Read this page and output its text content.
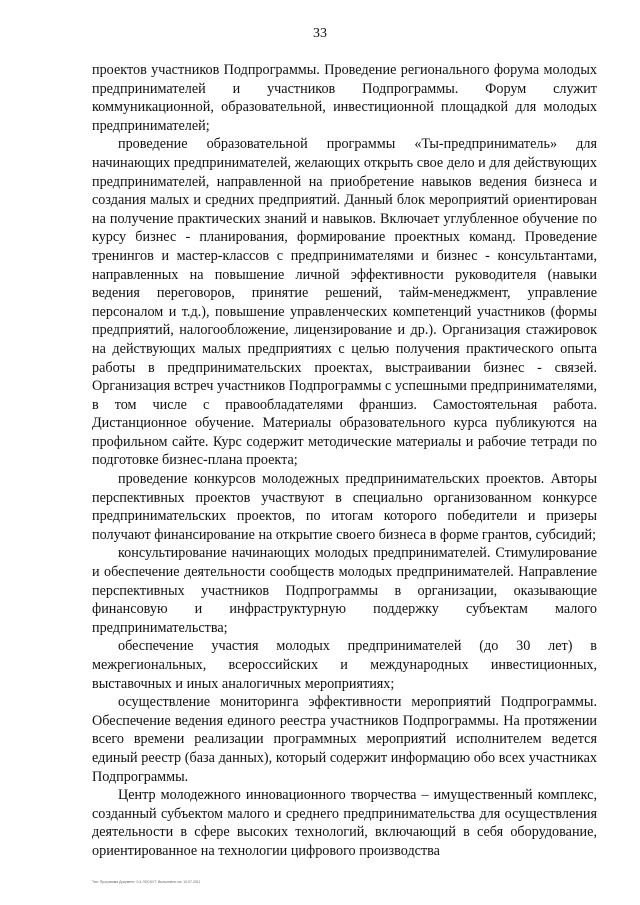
33

проектов участников Подпрограммы. Проведение регионального форума молодых предпринимателей и участников Подпрограммы. Форум служит коммуникационной, образовательной, инвестиционной площадкой для молодых предпринимателей;

проведение образовательной программы «Ты-предприниматель» для начинающих предпринимателей, желающих открыть свое дело и для действующих предпринимателей, направленной на приобретение навыков ведения бизнеса и создания малых и средних предприятий. Данный блок мероприятий ориентирован на получение практических знаний и навыков. Включает углубленное обучение по курсу бизнес - планирования, формирование проектных команд. Проведение тренингов и мастер-классов с предпринимателями и бизнес - консультантами, направленных на повышение личной эффективности руководителя (навыки ведения переговоров, принятие решений, тайм-менеджмент, управление персоналом и т.д.), повышение управленческих компетенций участников (формы предприятий, налогообложение, лицензирование и др.). Организация стажировок на действующих малых предприятиях с целью получения практического опыта работы в предпринимательских проектах, выстраивании бизнес - связей. Организация встреч участников Подпрограммы с успешными предпринимателями, в том числе с правообладателями франшиз. Самостоятельная работа. Дистанционное обучение. Материалы образовательного курса публикуются на профильном сайте. Курс содержит методические материалы и рабочие тетради по подготовке бизнес-плана проекта;

проведение конкурсов молодежных предпринимательских проектов. Авторы перспективных проектов участвуют в специально организованном конкурсе предпринимательских проектов, по итогам которого победители и призеры получают финансирование на открытие своего бизнеса в форме грантов, субсидий;

консультирование начинающих молодых предпринимателей. Стимулирование и обеспечение деятельности сообществ молодых предпринимателей. Направление перспективных участников Подпрограммы в организации, оказывающие финансовую и инфраструктурную поддержку субъектам малого предпринимательства;

обеспечение участия молодых предпринимателей (до 30 лет) в межрегиональных, всероссийских и международных инвестиционных, выставочных и иных аналогичных мероприятиях;

осуществление мониторинга эффективности мероприятий Подпрограммы. Обеспечение ведения единого реестра участников Подпрограммы. На протяжении всего времени реализации программных мероприятий исполнителем ведется единый реестр (база данных), который содержит информацию обо всех участниках Подпрограммы.

Центр молодежного инновационного творчества – имущественный комплекс, созданный субъектом малого и среднего предпринимательства для осуществления деятельности в сфере высоких технологий, включающий в себя оборудование, ориентированное на технологии цифрового производства

Тип: Программа Документ: 0.4 ЛОСКУТ. Выполнено на: 10.07.2011
